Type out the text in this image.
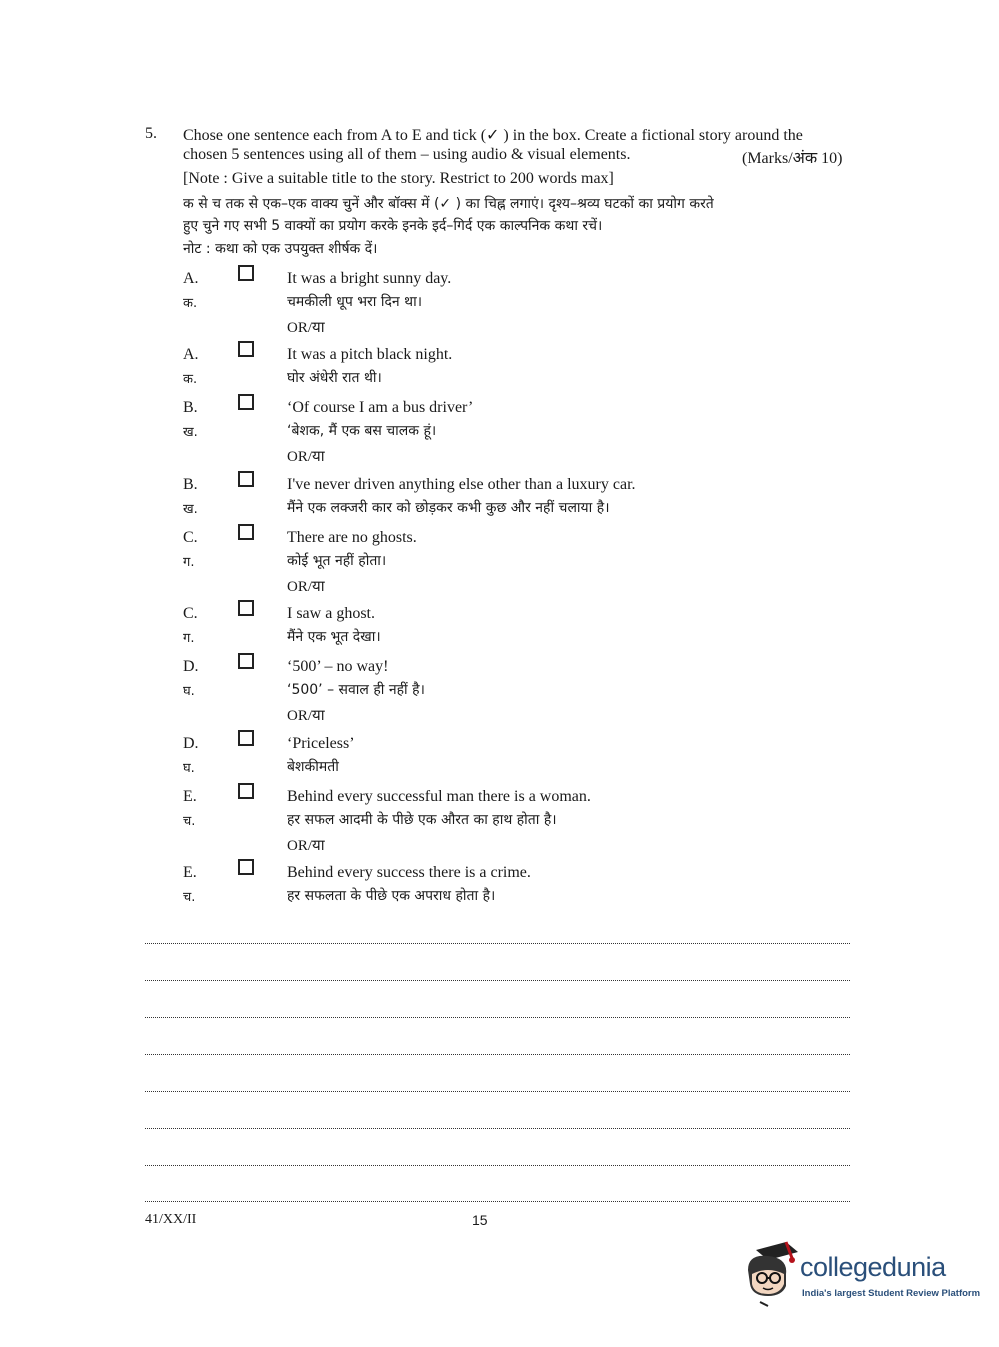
5. Chose one sentence each from A to E and tick (✓ ) in the box. Create a fictional story around the
chosen 5 sentences using all of them – using audio & visual elements.	(Marks/अंक 10)
[Note : Give a suitable title to the story. Restrict to 200 words max]
क से च तक से एक–एक वाक्य चुनें और बॉक्स में (✓ ) का चिह्न लगाएं। दृश्य–श्रव्य घटकों का प्रयोग करते
हुए चुने गए सभी 5 वाक्यों का प्रयोग करके इनके इर्द–गिर्द एक काल्पनिक कथा रचें।
नोट : कथा को एक उपयुक्त शीर्षक दें।
A.
क.
It was a bright sunny day.
चमकीली धूप भरा दिन था।
OR/या
A.
क.
It was a pitch black night.
घोर अंधेरी रात थी।
B.
ख.
‘Of course I am a bus driver’
‘बेशक, मैं एक बस चालक हूं।
OR/या
B.
ख.
I've never driven anything else other than a luxury car.
मैंने एक लक्जरी कार को छोड़कर कभी कुछ और नहीं चलाया है।
C.
ग.
There are no ghosts.
कोई भूत नहीं होता।
OR/या
C.
ग.
I saw a ghost.
मैंने एक भूत देखा।
D.
घ.
‘500’ – no way!
‘500’ – सवाल ही नहीं है।
OR/या
D.
घ.
‘Priceless’
बेशकीमती
E.
च.
Behind every successful man there is a woman.
हर सफल आदमी के पीछे एक औरत का हाथ होता है।
OR/या
E.
च.
Behind every success there is a crime.
हर सफलता के पीछे एक अपराध होता है।
41/XX/II	15
collegedunia
India's largest Student Review Platform
